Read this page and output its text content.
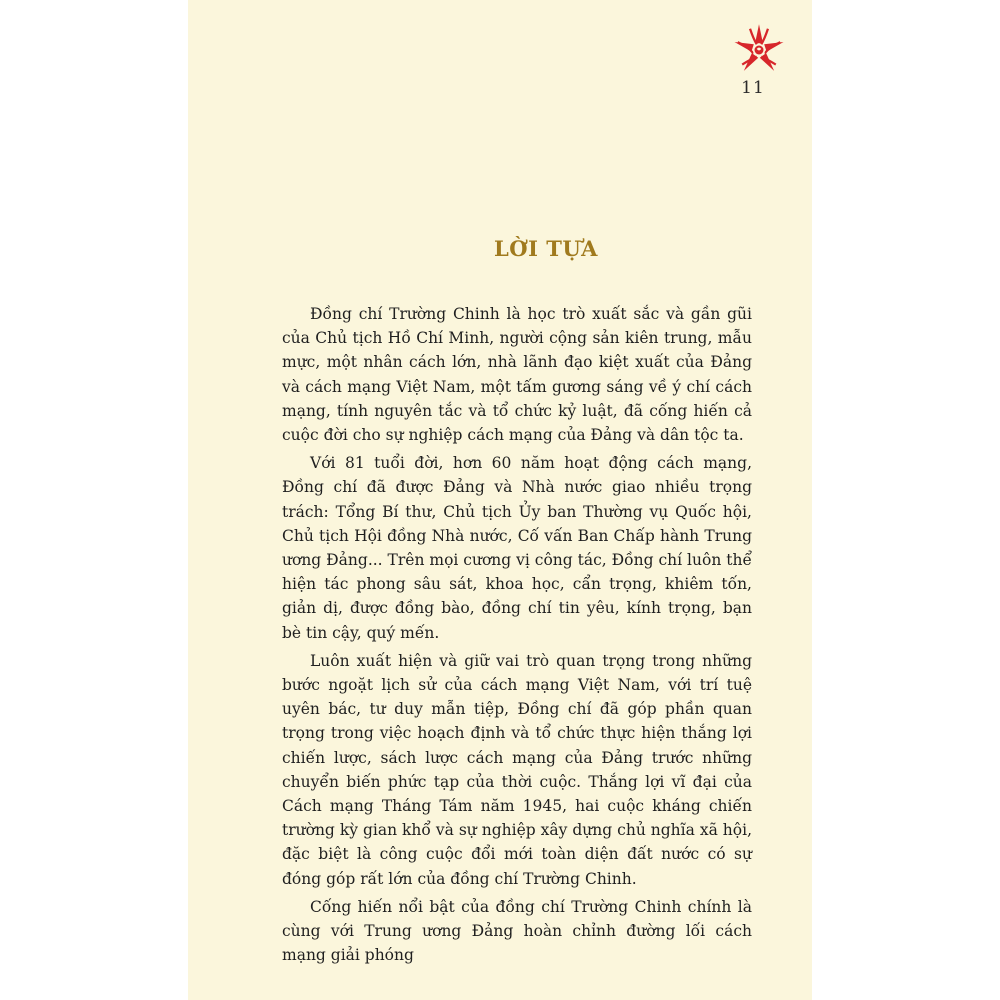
11
LỜI TỰA

Đồng chí Trường Chinh là học trò xuất sắc và gần gũi của Chủ tịch Hồ Chí Minh, người cộng sản kiên trung, mẫu mực, một nhân cách lớn, nhà lãnh đạo kiệt xuất của Đảng và cách mạng Việt Nam, một tấm gương sáng về ý chí cách mạng, tính nguyên tắc và tổ chức kỷ luật, đã cống hiến cả cuộc đời cho sự nghiệp cách mạng của Đảng và dân tộc ta.

Với 81 tuổi đời, hơn 60 năm hoạt động cách mạng, Đồng chí đã được Đảng và Nhà nước giao nhiều trọng trách: Tổng Bí thư, Chủ tịch Ủy ban Thường vụ Quốc hội, Chủ tịch Hội đồng Nhà nước, Cố vấn Ban Chấp hành Trung ương Đảng... Trên mọi cương vị công tác, Đồng chí luôn thể hiện tác phong sâu sát, khoa học, cẩn trọng, khiêm tốn, giản dị, được đồng bào, đồng chí tin yêu, kính trọng, bạn bè tin cậy, quý mến.

Luôn xuất hiện và giữ vai trò quan trọng trong những bước ngoặt lịch sử của cách mạng Việt Nam, với trí tuệ uyên bác, tư duy mẫn tiệp, Đồng chí đã góp phần quan trọng trong việc hoạch định và tổ chức thực hiện thắng lợi chiến lược, sách lược cách mạng của Đảng trước những chuyển biến phức tạp của thời cuộc. Thắng lợi vĩ đại của Cách mạng Tháng Tám năm 1945, hai cuộc kháng chiến trường kỳ gian khổ và sự nghiệp xây dựng chủ nghĩa xã hội, đặc biệt là công cuộc đổi mới toàn diện đất nước có sự đóng góp rất lớn của đồng chí Trường Chinh.

Cống hiến nổi bật của đồng chí Trường Chinh chính là cùng với Trung ương Đảng hoàn chỉnh đường lối cách mạng giải phóng
